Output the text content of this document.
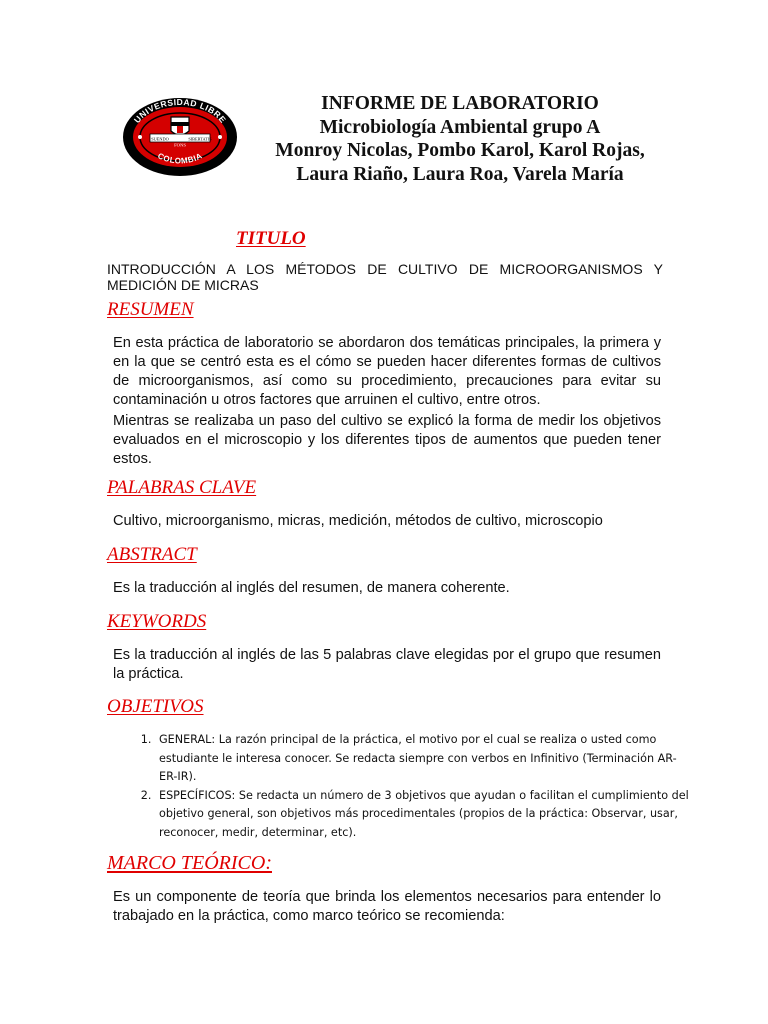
UNIVERSIDAD LIBRE
COLOMBIA
SUENDO
FONS
SIBERTATIS
INFORME DE LABORATORIO
Microbiología Ambiental grupo A
Monroy Nicolas, Pombo Karol, Karol Rojas,
Laura Riaño, Laura Roa, Varela María
TITULO
INTRODUCCIÓN A LOS MÉTODOS DE CULTIVO DE MICROORGANISMOS Y MEDICIÓN DE MICRAS
RESUMEN

En esta práctica de laboratorio se abordaron dos temáticas principales, la primera y en la que se centró esta es el cómo se pueden hacer diferentes formas de cultivos de microorganismos, así como su procedimiento, precauciones para evitar su contaminación u otros factores que arruinen el cultivo, entre otros.

Mientras se realizaba un paso del cultivo se explicó la forma de medir los objetivos evaluados en el microscopio y los diferentes tipos de aumentos que pueden tener estos.

PALABRAS CLAVE
Cultivo, microorganismo, micras, medición, métodos de cultivo, microscopio
ABSTRACT
Es la traducción al inglés del resumen, de manera coherente.
KEYWORDS
Es la traducción al inglés de las 5 palabras clave elegidas por el grupo que resumen la práctica.
OBJETIVOS
1. GENERAL: La razón principal de la práctica, el motivo por el cual se realiza o usted como estudiante le interesa conocer. Se redacta siempre con verbos en Infinitivo (Terminación AR-ER-IR).
2. ESPECÍFICOS: Se redacta un número de 3 objetivos que ayudan o facilitan el cumplimiento del objetivo general, son objetivos más procedimentales (propios de la práctica: Observar, usar, reconocer, medir, determinar, etc).
MARCO TEÓRICO:
Es un componente de teoría que brinda los elementos necesarios para entender lo trabajado en la práctica, como marco teórico se recomienda:
